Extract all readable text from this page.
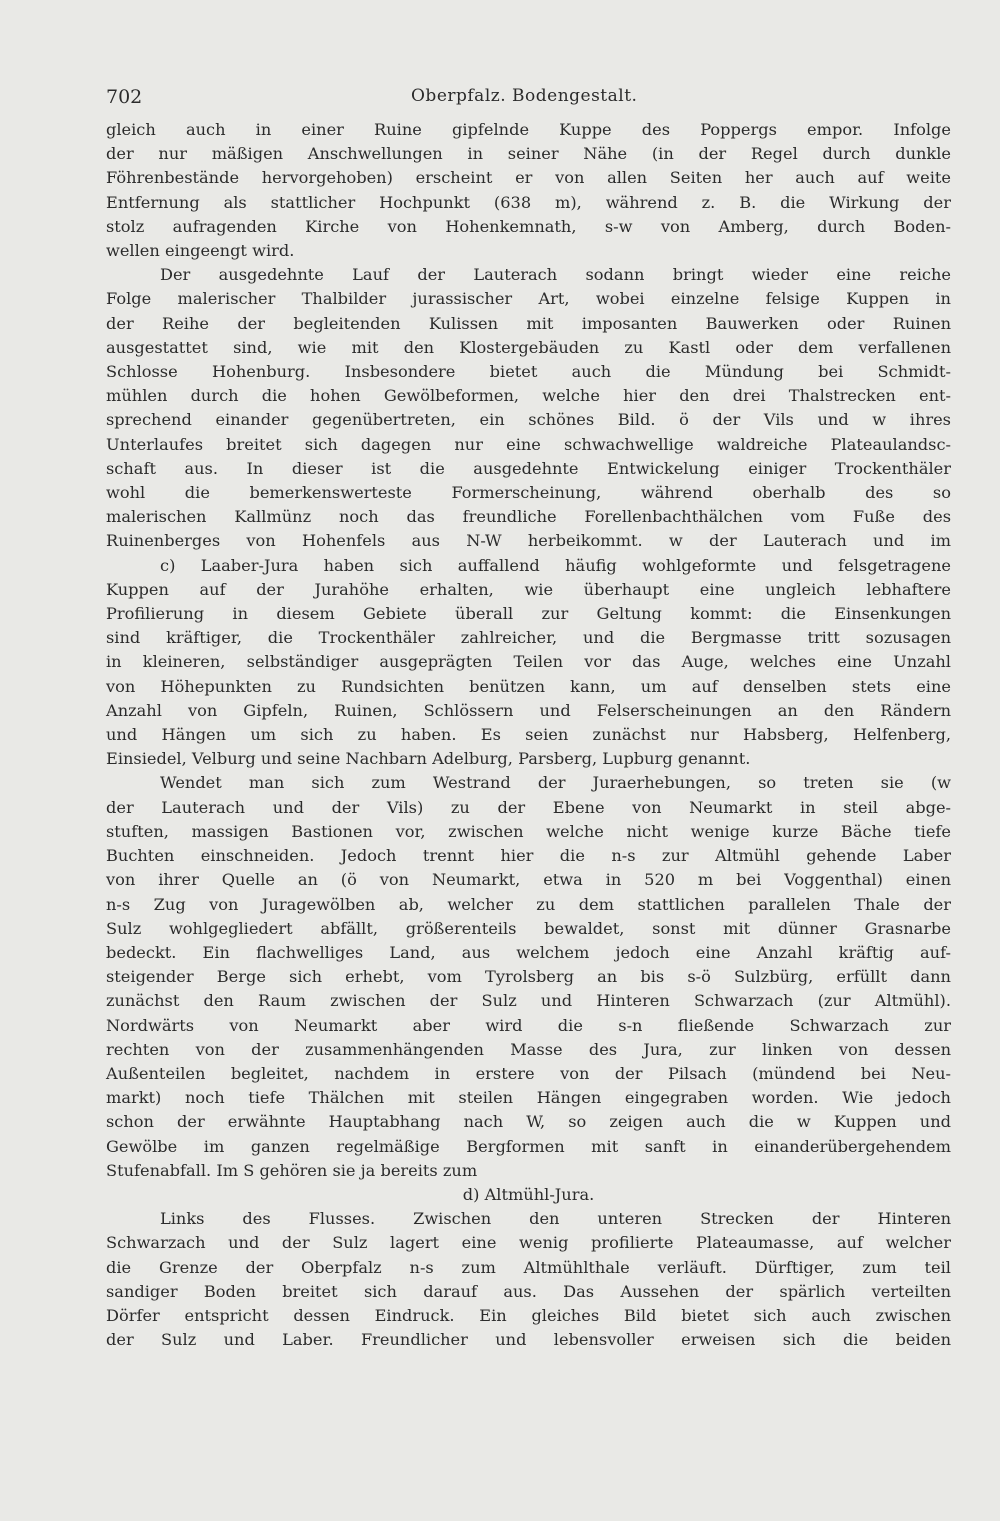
702	Oberpfalz. Bodengestalt.
gleich auch in einer Ruine gipfelnde Kuppe des Poppergs empor. Infolge
der nur mäßigen Anschwellungen in seiner Nähe (in der Regel durch dunkle
Föhrenbestände hervorgehoben) erscheint er von allen Seiten her auch auf weite
Entfernung als stattlicher Hochpunkt (638 m), während z. B. die Wirkung der
stolz aufragenden Kirche von Hohenkemnath, s-w von Amberg, durch Boden-
wellen eingeengt wird.
Der ausgedehnte Lauf der Lauterach sodann bringt wieder eine reiche
Folge malerischer Thalbilder jurassischer Art, wobei einzelne felsige Kuppen in
der Reihe der begleitenden Kulissen mit imposanten Bauwerken oder Ruinen
ausgestattet sind, wie mit den Klostergebäuden zu Kastl oder dem verfallenen
Schlosse Hohenburg. Insbesondere bietet auch die Mündung bei Schmidt-
mühlen durch die hohen Gewölbeformen, welche hier den drei Thalstrecken ent-
sprechend einander gegenübertreten, ein schönes Bild. ö der Vils und w ihres
Unterlaufes breitet sich dagegen nur eine schwachwellige waldreiche Plateaulandsc-
schaft aus. In dieser ist die ausgedehnte Entwickelung einiger Trockenthäler
wohl die bemerkenswerteste Formerscheinung, während oberhalb des so
malerischen Kallmünz noch das freundliche Forellenbachthälchen vom Fuße des
Ruinenberges von Hohenfels aus N-W herbeikommt. w der Lauterach und im
c) Laaber-Jura haben sich auffallend häufig wohlgeformte und felsgetragene
Kuppen auf der Jurahöhe erhalten, wie überhaupt eine ungleich lebhaftere
Profilierung in diesem Gebiete überall zur Geltung kommt: die Einsenkungen
sind kräftiger, die Trockenthäler zahlreicher, und die Bergmasse tritt sozusagen
in kleineren, selbständiger ausgeprägten Teilen vor das Auge, welches eine Unzahl
von Höhepunkten zu Rundsichten benützen kann, um auf denselben stets eine
Anzahl von Gipfeln, Ruinen, Schlössern und Felserscheinungen an den Rändern
und Hängen um sich zu haben. Es seien zunächst nur Habsberg, Helfenberg,
Einsiedel, Velburg und seine Nachbarn Adelburg, Parsberg, Lupburg genannt.
Wendet man sich zum Westrand der Juraerhebungen, so treten sie (w
der Lauterach und der Vils) zu der Ebene von Neumarkt in steil abge-
stuften, massigen Bastionen vor, zwischen welche nicht wenige kurze Bäche tiefe
Buchten einschneiden. Jedoch trennt hier die n-s zur Altmühl gehende Laber
von ihrer Quelle an (ö von Neumarkt, etwa in 520 m bei Voggenthal) einen
n-s Zug von Juragewölben ab, welcher zu dem stattlichen parallelen Thale der
Sulz wohlgegliedert abfällt, größerenteils bewaldet, sonst mit dünner Grasnarbe
bedeckt. Ein flachwelliges Land, aus welchem jedoch eine Anzahl kräftig auf-
steigender Berge sich erhebt, vom Tyrolsberg an bis s-ö Sulzbürg, erfüllt dann
zunächst den Raum zwischen der Sulz und Hinteren Schwarzach (zur Altmühl).
Nordwärts von Neumarkt aber wird die s-n fließende Schwarzach zur
rechten von der zusammenhängenden Masse des Jura, zur linken von dessen
Außenteilen begleitet, nachdem in erstere von der Pilsach (mündend bei Neu-
markt) noch tiefe Thälchen mit steilen Hängen eingegraben worden. Wie jedoch
schon der erwähnte Hauptabhang nach W, so zeigen auch die w Kuppen und
Gewölbe im ganzen regelmäßige Bergformen mit sanft in einanderübergehendem
Stufenabfall. Im S gehören sie ja bereits zum
d) Altmühl-Jura.
Links des Flusses. Zwischen den unteren Strecken der Hinteren
Schwarzach und der Sulz lagert eine wenig profilierte Plateaumasse, auf welcher
die Grenze der Oberpfalz n-s zum Altmühlthale verläuft. Dürftiger, zum teil
sandiger Boden breitet sich darauf aus. Das Aussehen der spärlich verteilten
Dörfer entspricht dessen Eindruck. Ein gleiches Bild bietet sich auch zwischen
der Sulz und Laber. Freundlicher und lebensvoller erweisen sich die beiden
